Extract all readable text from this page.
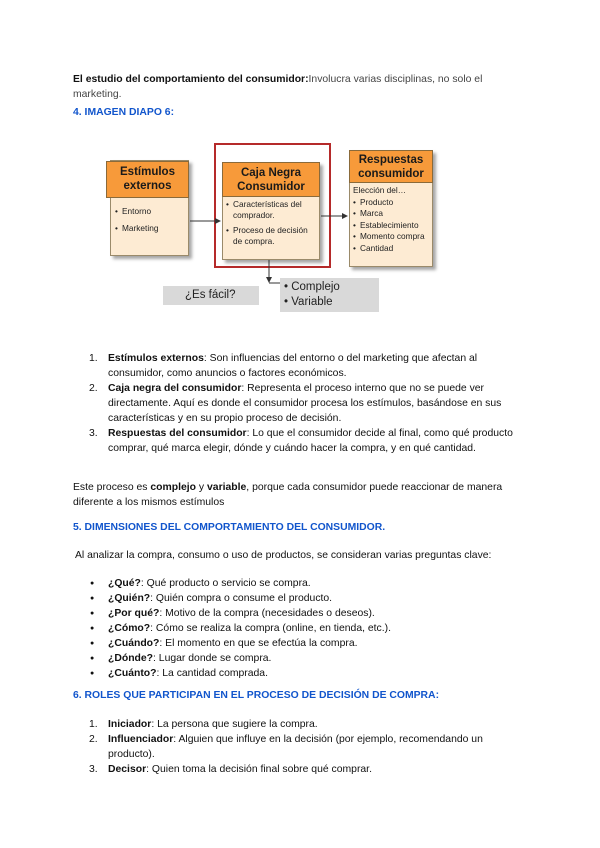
El estudio del comportamiento del consumidor:Involucra varias disciplinas, no solo el marketing.

4. IMAGEN DIAPO 6:
Estímulos externos
• Entorno
• Marketing
Caja Negra Consumidor
• Características del comprador.
• Proceso de decisión de compra.
Respuestas consumidor
Elección del…
• Producto
• Marca
• Establecimiento
• Momento compra
• Cantidad
¿Es fácil?
• Complejo
• Variable
1. Estímulos externos: Son influencias del entorno o del marketing que afectan al consumidor, como anuncios o factores económicos.
2. Caja negra del consumidor: Representa el proceso interno que no se puede ver directamente. Aquí es donde el consumidor procesa los estímulos, basándose en sus características y en su propio proceso de decisión.
3. Respuestas del consumidor: Lo que el consumidor decide al final, como qué producto comprar, qué marca elegir, dónde y cuándo hacer la compra, y en qué cantidad.

Este proceso es complejo y variable, porque cada consumidor puede reaccionar de manera diferente a los mismos estímulos

5. DIMENSIONES DEL COMPORTAMIENTO DEL CONSUMIDOR.

Al analizar la compra, consumo o uso de productos, se consideran varias preguntas clave:

● ¿Qué?: Qué producto o servicio se compra.
● ¿Quién?: Quién compra o consume el producto.
● ¿Por qué?: Motivo de la compra (necesidades o deseos).
● ¿Cómo?: Cómo se realiza la compra (online, en tienda, etc.).
● ¿Cuándo?: El momento en que se efectúa la compra.
● ¿Dónde?: Lugar donde se compra.
● ¿Cuánto?: La cantidad comprada.
6. ROLES QUE PARTICIPAN EN EL PROCESO DE DECISIÓN DE COMPRA:
1. Iniciador: La persona que sugiere la compra.
2. Influenciador: Alguien que influye en la decisión (por ejemplo, recomendando un producto).
3. Decisor: Quien toma la decisión final sobre qué comprar.
